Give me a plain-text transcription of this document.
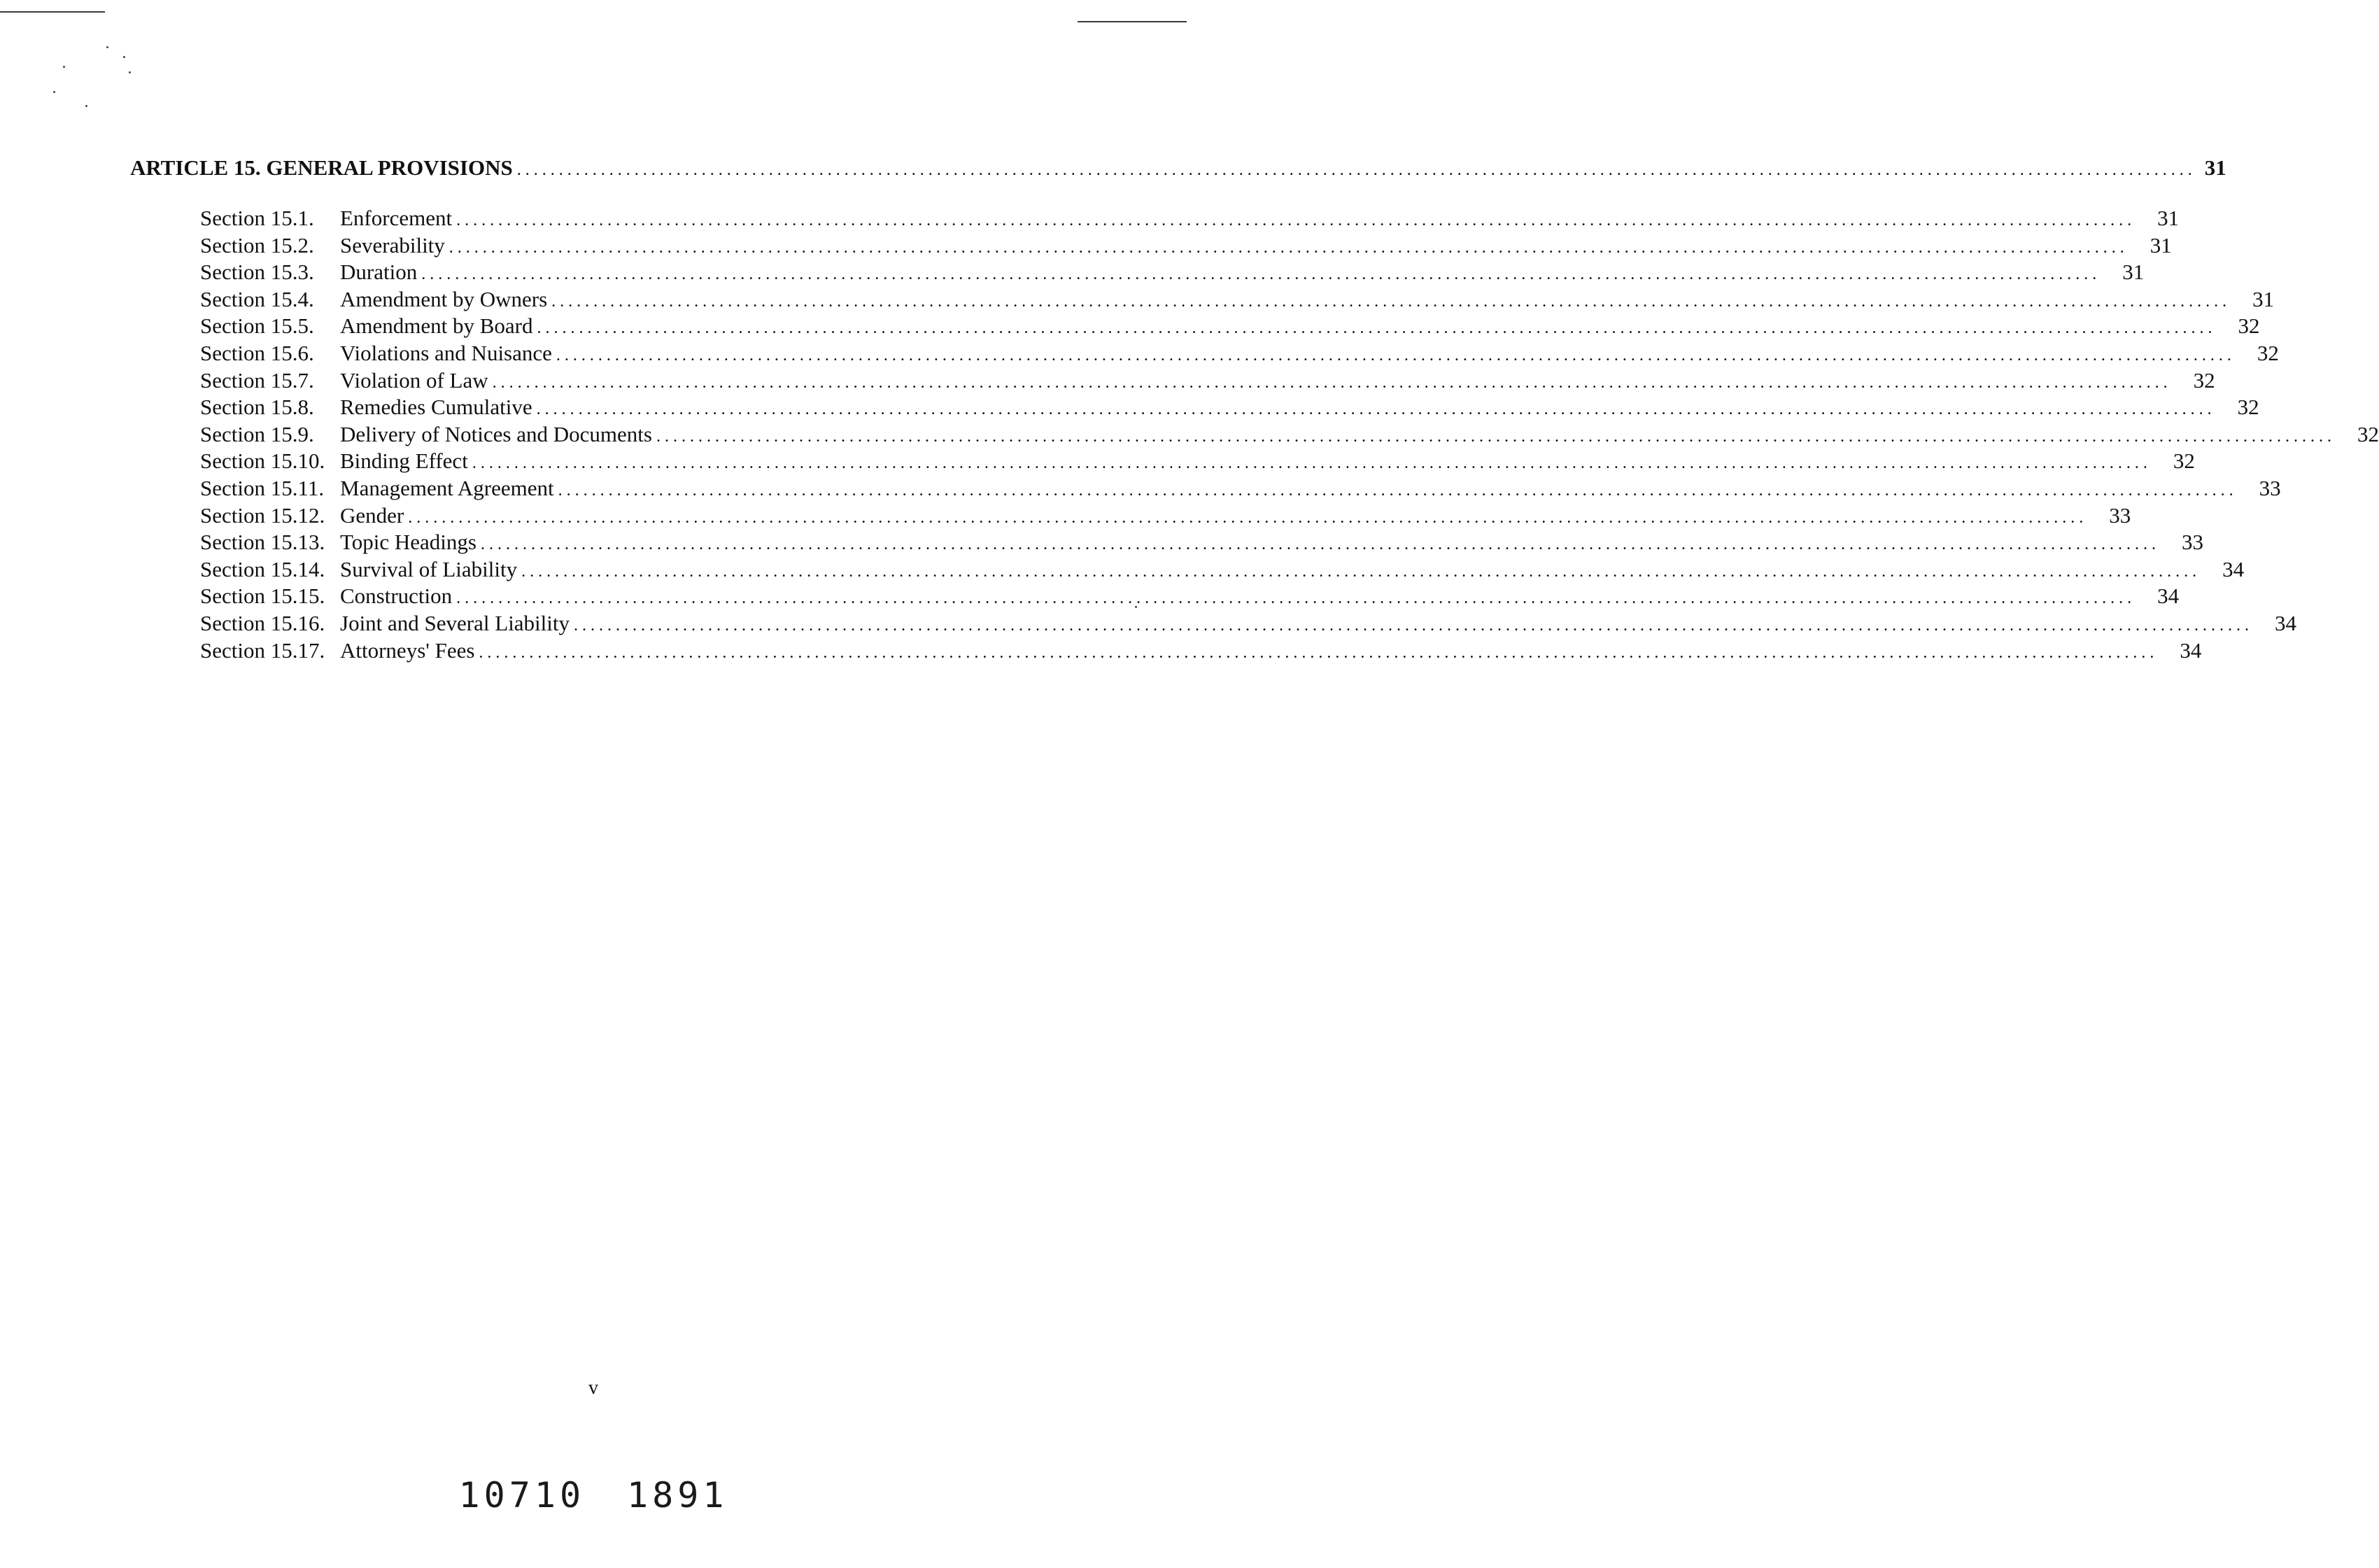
ARTICLE 15. GENERAL PROVISIONS ........................................................................................................................................................................................................ 31
Section 15.1.	Enforcement ........................................................................................................................................................................................................	31
Section 15.2.	Severability ........................................................................................................................................................................................................	31
Section 15.3.	Duration ........................................................................................................................................................................................................	31
Section 15.4.	Amendment by Owners ........................................................................................................................................................................................................	31
Section 15.5.	Amendment by Board ........................................................................................................................................................................................................	32
Section 15.6.	Violations and Nuisance ........................................................................................................................................................................................................	32
Section 15.7.	Violation of Law ........................................................................................................................................................................................................	32
Section 15.8.	Remedies Cumulative ........................................................................................................................................................................................................	32
Section 15.9.	Delivery of Notices and Documents ........................................................................................................................................................................................................	32
Section 15.10. Binding Effect ........................................................................................................................................................................................................	32
Section 15.11. Management Agreement ........................................................................................................................................................................................................	33
Section 15.12. Gender ........................................................................................................................................................................................................	33
Section 15.13. Topic Headings ........................................................................................................................................................................................................	33
Section 15.14. Survival of Liability ........................................................................................................................................................................................................	34
Section 15.15. Construction ........................................................................................................................................................................................................	34
Section 15.16. Joint and Several Liability ........................................................................................................................................................................................................	34
Section 15.17. Attorneys' Fees ........................................................................................................................................................................................................	34
v
10710 1891
